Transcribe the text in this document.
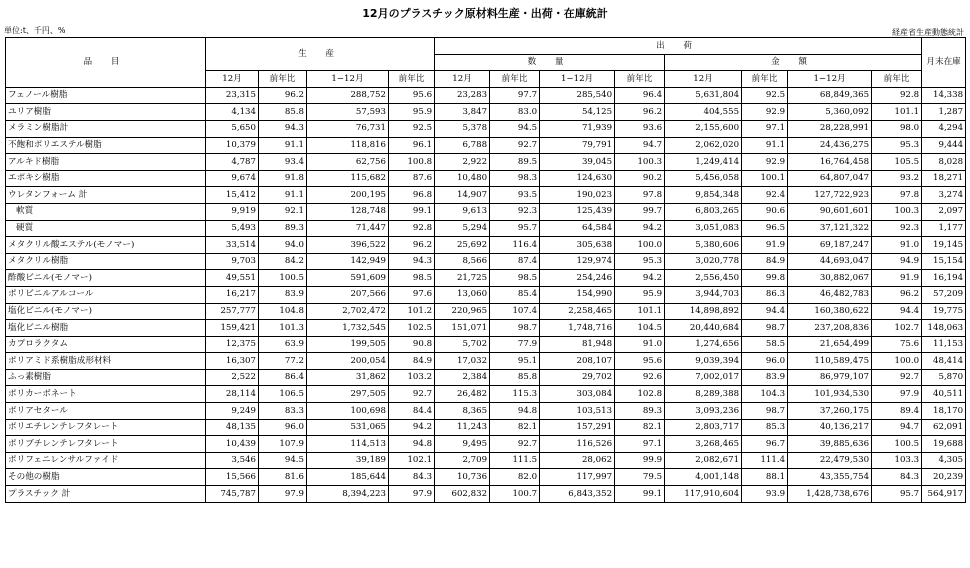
12月のプラスチック原材料生産・出荷・在庫統計
単位:t、千円、%	経産省生産動態統計
品 目	生 産				出 荷								月末在庫
					数 量				金 額				
	12月	前年比	1−12月	前年比	12月	前年比	1−12月	前年比	12月	前年比	1−12月	前年比	
フェノール樹脂	23,315	96.2	288,752	95.6	23,283	97.7	285,540	96.4	5,631,804	92.5	68,849,365	92.8	14,338
ユリア樹脂	4,134	85.8	57,593	95.9	3,847	83.0	54,125	96.2	404,555	92.9	5,360,092	101.1	1,287
メラミン樹脂計	5,650	94.3	76,731	92.5	5,378	94.5	71,939	93.6	2,155,600	97.1	28,228,991	98.0	4,294
不飽和ポリエステル樹脂	10,379	91.1	118,816	96.1	6,788	92.7	79,791	94.7	2,062,020	91.1	24,436,275	95.3	9,444
アルキド樹脂	4,787	93.4	62,756	100.8	2,922	89.5	39,045	100.3	1,249,414	92.9	16,764,458	105.5	8,028
エポキシ樹脂	9,674	91.8	115,682	87.6	10,480	98.3	124,630	90.2	5,456,058	100.1	64,807,047	93.2	18,271
ウレタンフォーム 計	15,412	91.1	200,195	96.8	14,907	93.5	190,023	97.8	9,854,348	92.4	127,722,923	97.8	3,274
軟質	9,919	92.1	128,748	99.1	9,613	92.3	125,439	99.7	6,803,265	90.6	90,601,601	100.3	2,097
硬質	5,493	89.3	71,447	92.8	5,294	95.7	64,584	94.2	3,051,083	96.5	37,121,322	92.3	1,177
メタクリル酸エステル(モノマー)	33,514	94.0	396,522	96.2	25,692	116.4	305,638	100.0	5,380,606	91.9	69,187,247	91.0	19,145
メタクリル樹脂	9,703	84.2	142,949	94.3	8,566	87.4	129,974	95.3	3,020,778	84.9	44,693,047	94.9	15,154
酢酸ビニル(モノマー)	49,551	100.5	591,609	98.5	21,725	98.5	254,246	94.2	2,556,450	99.8	30,882,067	91.9	16,194
ポリビニルアルコール	16,217	83.9	207,566	97.6	13,060	85.4	154,990	95.9	3,944,703	86.3	46,482,783	96.2	57,209
塩化ビニル(モノマー)	257,777	104.8	2,702,472	101.2	220,965	107.4	2,258,465	101.1	14,898,892	94.4	160,380,622	94.4	19,775
塩化ビニル樹脂	159,421	101.3	1,732,545	102.5	151,071	98.7	1,748,716	104.5	20,440,684	98.7	237,208,836	102.7	148,063
カプロラクタム	12,375	63.9	199,505	90.8	5,702	77.9	81,948	91.0	1,274,656	58.5	21,654,499	75.6	11,153
ポリアミド系樹脂成形材料	16,307	77.2	200,054	84.9	17,032	95.1	208,107	95.6	9,039,394	96.0	110,589,475	100.0	48,414
ふっ素樹脂	2,522	86.4	31,862	103.2	2,384	85.8	29,702	92.6	7,002,017	83.9	86,979,107	92.7	5,870
ポリカーボネート	28,114	106.5	297,505	92.7	26,482	115.3	303,084	102.8	8,289,388	104.3	101,934,530	97.9	40,511
ポリアセタール	9,249	83.3	100,698	84.4	8,365	94.8	103,513	89.3	3,093,236	98.7	37,260,175	89.4	18,170
ポリエチレンテレフタレート	48,135	96.0	531,065	94.2	11,243	82.1	157,291	82.1	2,803,717	85.3	40,136,217	94.7	62,091
ポリブチレンテレフタレート	10,439	107.9	114,513	94.8	9,495	92.7	116,526	97.1	3,268,465	96.7	39,885,636	100.5	19,688
ポリフェニレンサルファイド	3,546	94.5	39,189	102.1	2,709	111.5	28,062	99.9	2,082,671	111.4	22,479,530	103.3	4,305
その他の樹脂	15,566	81.6	185,644	84.3	10,736	82.0	117,997	79.5	4,001,148	88.1	43,355,754	84.3	20,239
プラスチック 計	745,787	97.9	8,394,223	97.9	602,832	100.7	6,843,352	99.1	117,910,604	93.9	1,428,738,676	95.7	564,917
